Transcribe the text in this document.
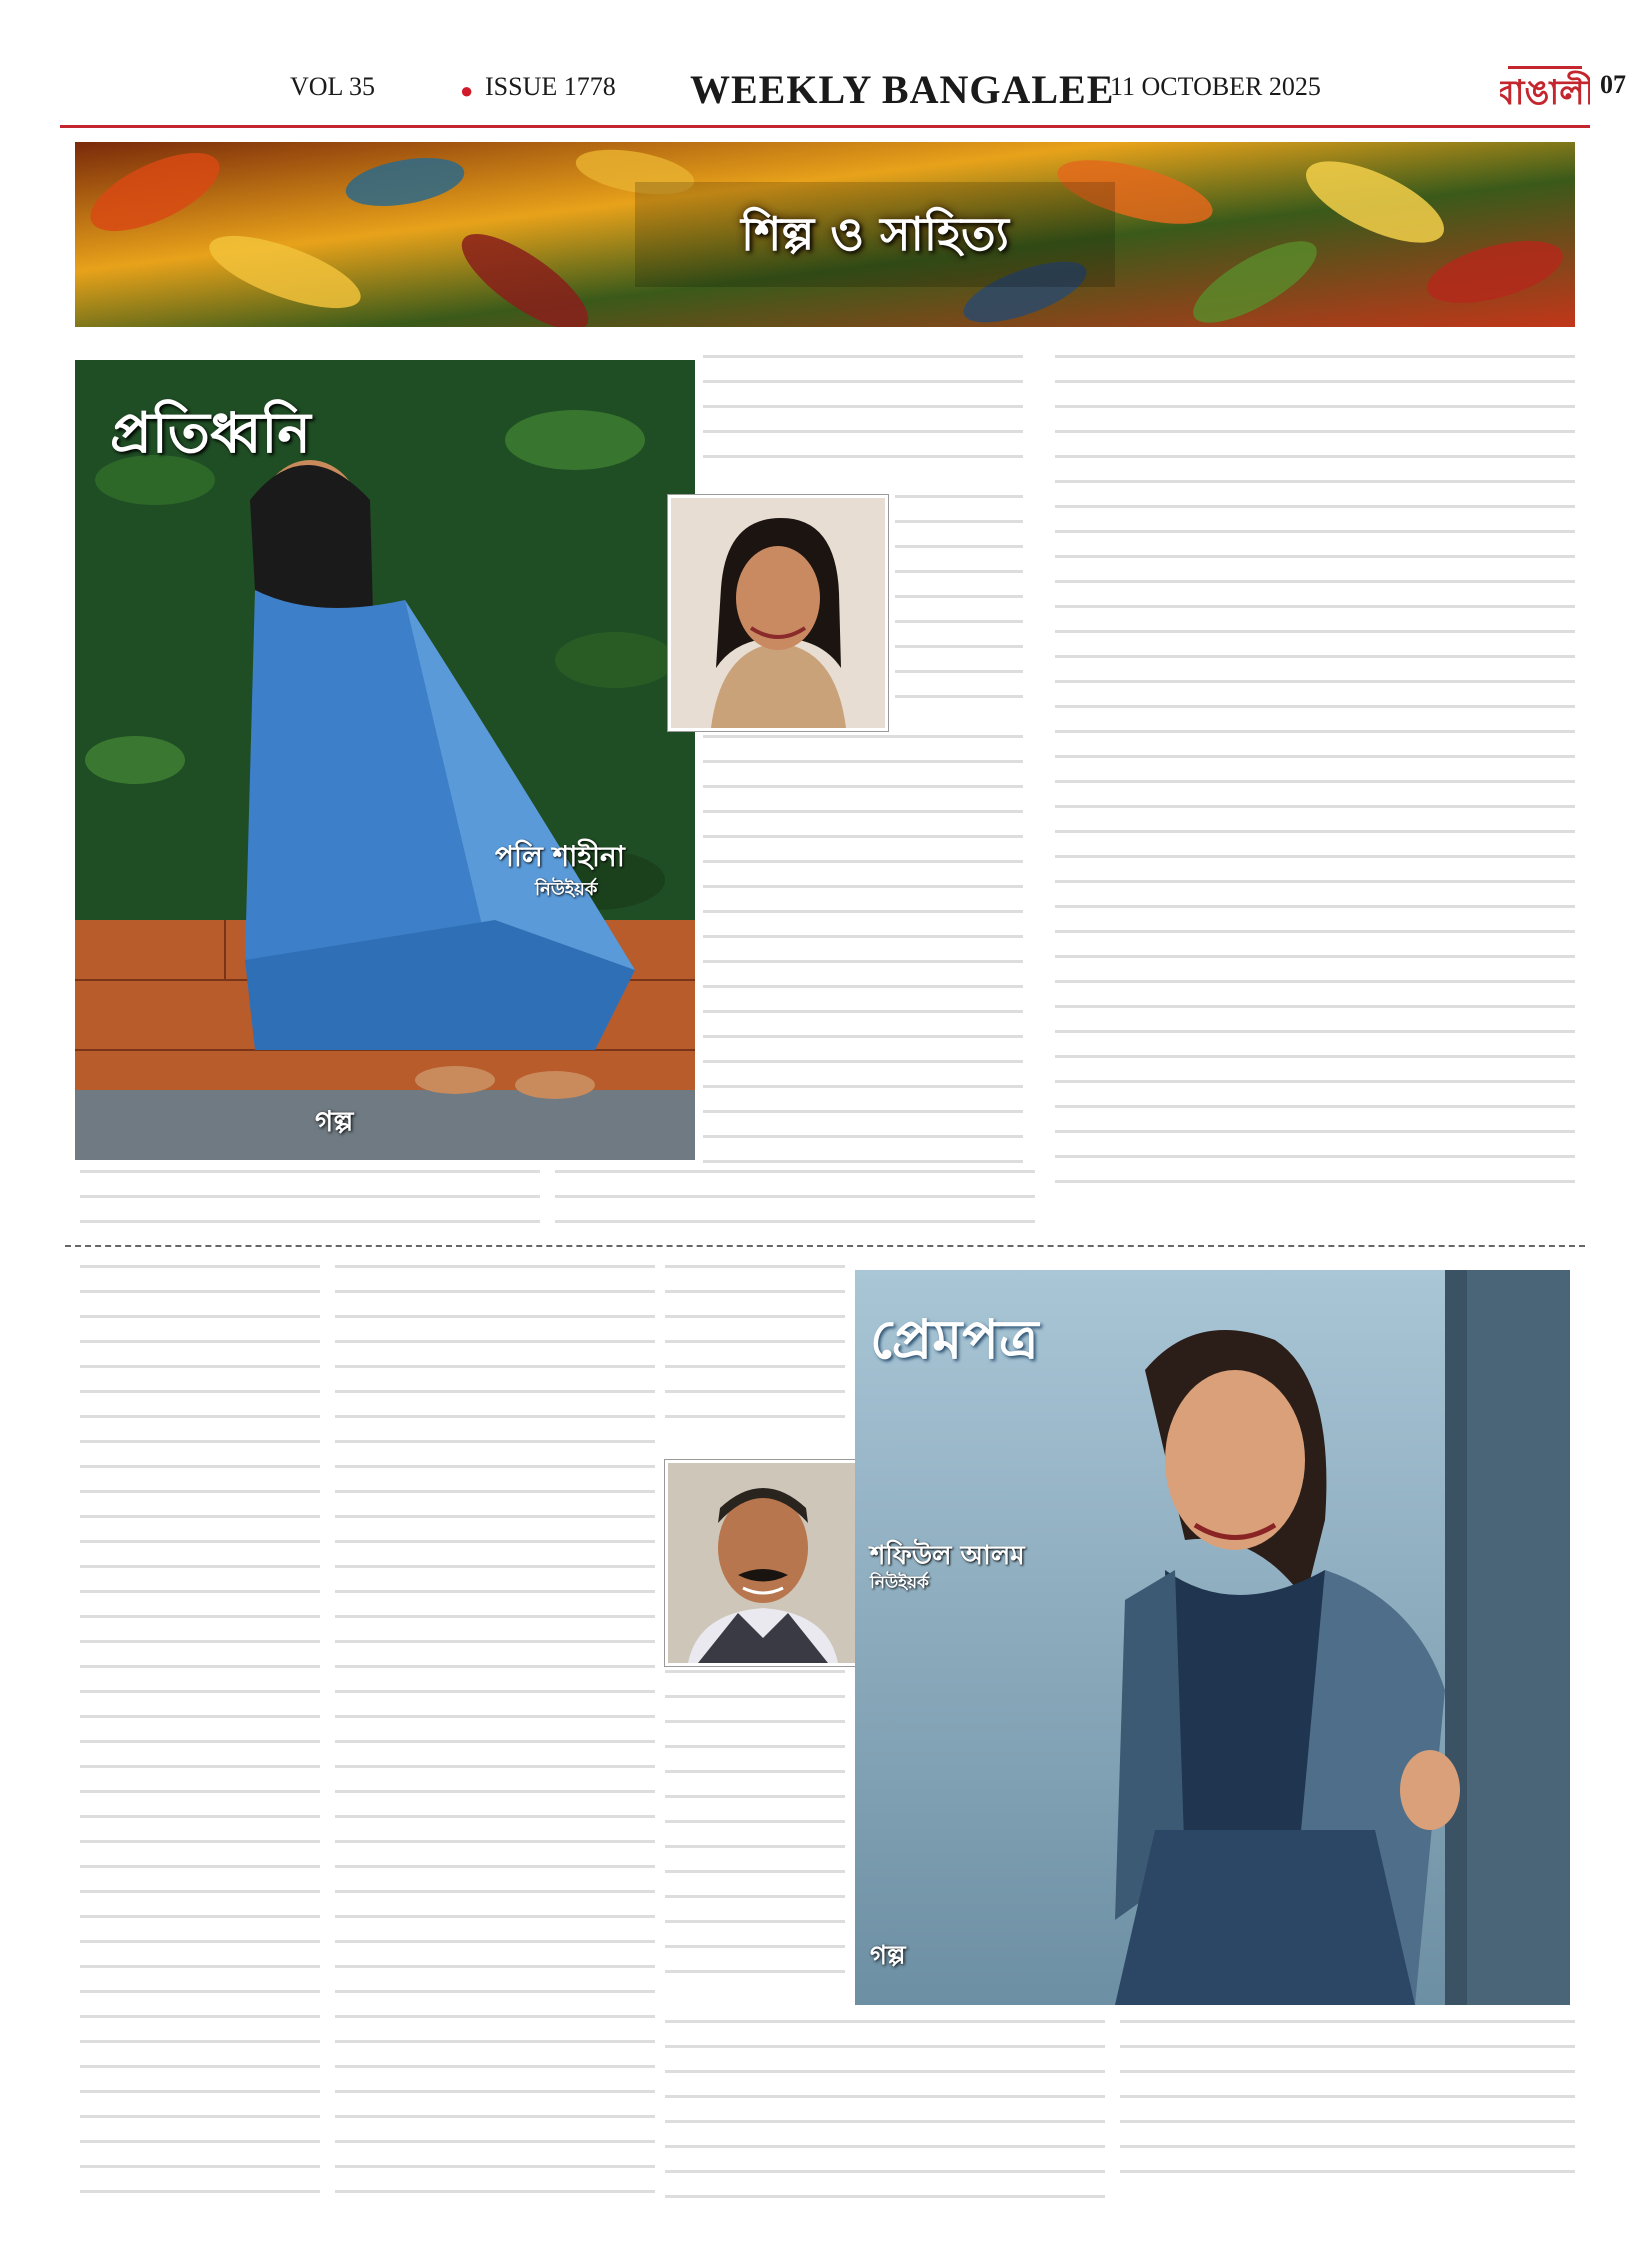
VOL 35	● ISSUE 1778 WEEKLY BANGALEE
11 OCTOBER 2025	বাঙালী 07
শিল্প ও সাহিত্য
প্রতিধ্বনি
পলি শাহীনা
নিউইয়র্ক
গল্প
প্রেমপত্র
শফিউল আলম
নিউইয়র্ক
গল্প
